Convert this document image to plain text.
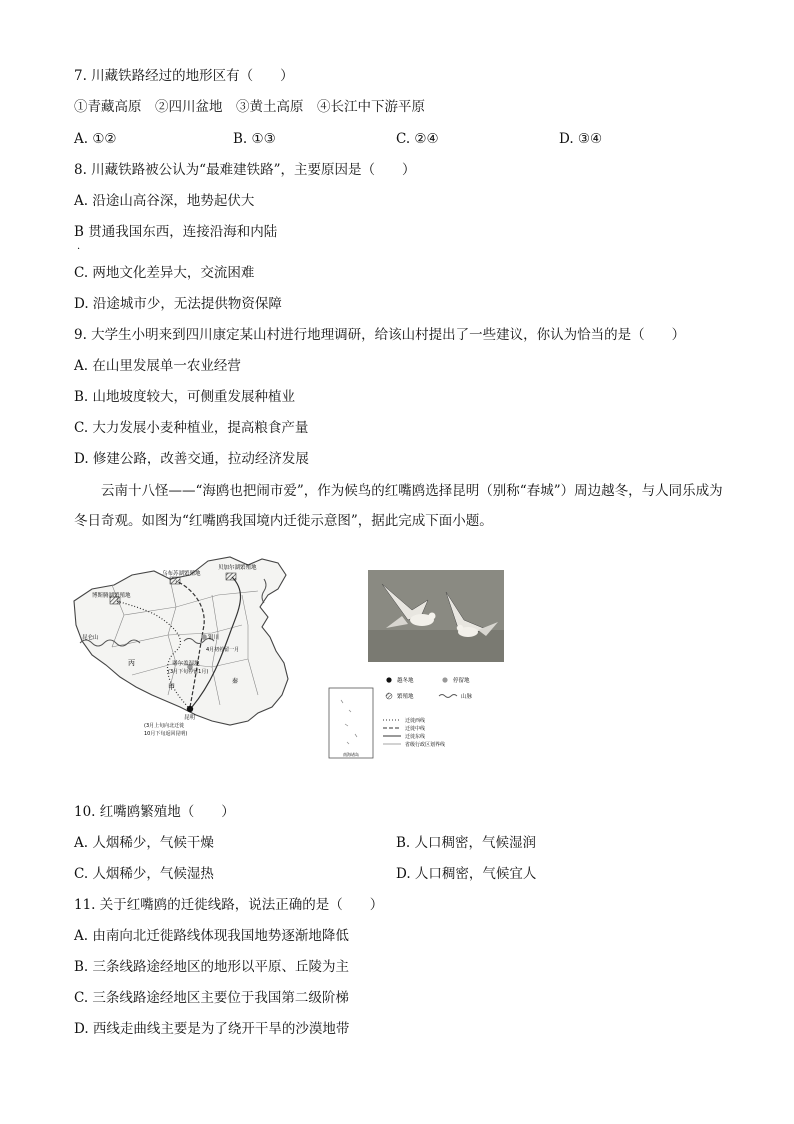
7. 川藏铁路经过的地形区有（　　）
①青藏高原　②四川盆地　③黄土高原　④长江中下游平原
A. ①②	B. ①③	C. ②④	D. ③④
8. 川藏铁路被公认为“最难建铁路”，主要原因是（　　）
A. 沿途山高谷深，地势起伏大
B 贯通我国东西，连接沿海和内陆
·
C. 两地文化差异大，交流困难
D. 沿途城市少，无法提供物资保障
9. 大学生小明来到四川康定某山村进行地理调研，给该山村提出了一些建议，你认为恰当的是（　　）
A. 在山里发展单一农业经营
B. 山地坡度较大，可侧重发展种植业
C. 大力发展小麦种植业，提高粮食产量
D. 修建公路，改善交通，拉动经济发展
云南十八怪——“海鸥也把闹市爱”，作为候鸟的红嘴鸥选择昆明（别称“春城”）周边越冬，与人同乐成为冬日奇观。如图为“红嘴鸥我国境内迁徙示意图”，据此完成下面小题。
乌布苏湖繁殖地
贝加尔湖繁殖地
博斯腾湖繁殖地
昆仑山
丙
银川
4月初停留一月
诺尔盖湿地
(3月下旬停留1月)
甲
秦
昆明
(3月上旬向北迁徙
10月下旬返回昆明)
南海诸岛
越冬地	停留地
繁殖地	山脉
迁徙西线
迁徙中线
迁徙东线
省级行政区划界线
10. 红嘴鸥繁殖地（　　）
A. 人烟稀少，气候干燥	B. 人口稠密，气候湿润
C. 人烟稀少，气候湿热	D. 人口稠密，气候宜人
11. 关于红嘴鸥的迁徙线路，说法正确的是（　　）
A. 由南向北迁徙路线体现我国地势逐渐地降低
B. 三条线路途经地区的地形以平原、丘陵为主
C. 三条线路途经地区主要位于我国第二级阶梯
D. 西线走曲线主要是为了绕开干旱的沙漠地带
